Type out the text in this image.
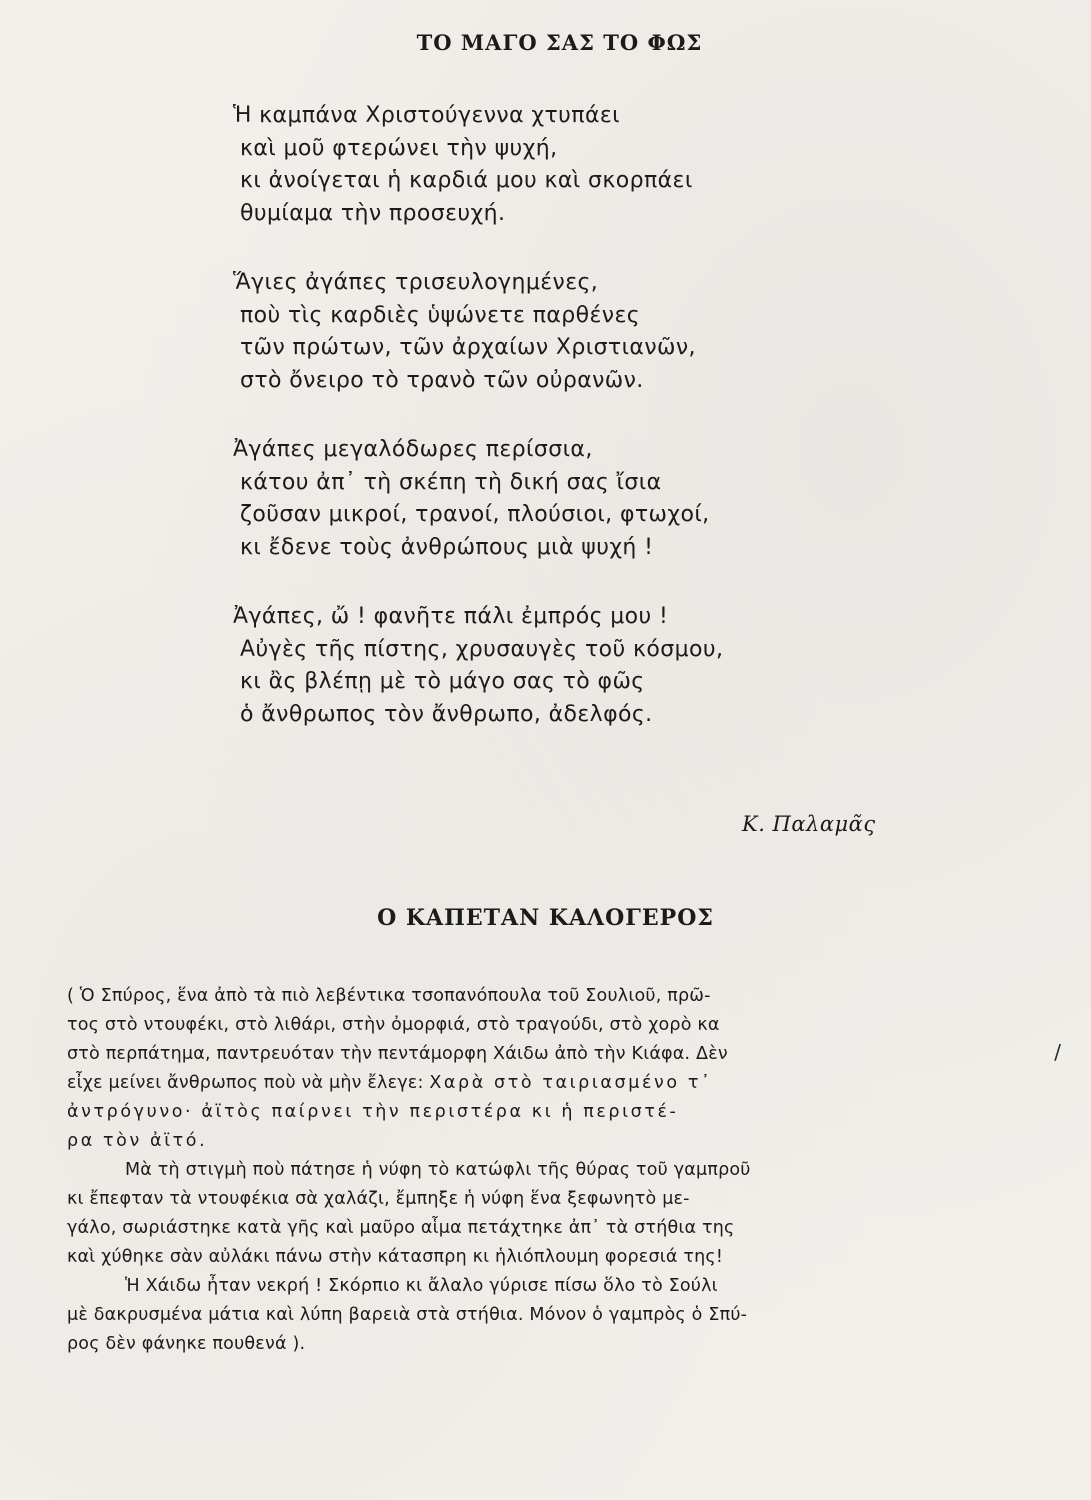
ΤΟ ΜΑΓΟ ΣΑΣ ΤΟ ΦΩΣ
Ἡ καμπάνα Χριστούγεννα χτυπάει
καὶ μοῦ φτερώνει τὴν ψυχή,
κι ἀνοίγεται ἡ καρδιά μου καὶ σκορπάει
θυμίαμα τὴν προσευχή.
Ἅγιες ἀγάπες τρισευλογημένες,
ποὺ τὶς καρδιὲς ὑψώνετε παρθένες
τῶν πρώτων, τῶν ἀρχαίων Χριστιανῶν,
στὸ ὄνειρο τὸ τρανὸ τῶν οὐρανῶν.
Ἀγάπες μεγαλόδωρες περίσσια,
κάτου ἀπ᾽ τὴ σκέπη τὴ δική σας ἴσια
ζοῦσαν μικροί, τρανοί, πλούσιοι, φτωχοί,
κι ἔδενε τοὺς ἀνθρώπους μιὰ ψυχή !
Ἀγάπες, ὤ ! φανῆτε πάλι ἐμπρός μου !
Αὐγὲς τῆς πίστης, χρυσαυγὲς τοῦ κόσμου,
κι ἂς βλέπῃ μὲ τὸ μάγο σας τὸ φῶς
ὁ ἄνθρωπος τὸν ἄνθρωπο, ἀδελφός.
Κ. Παλαμᾶς
Ο ΚΑΠΕΤΑΝ ΚΑΛΟΓΕΡΟΣ
( Ὁ Σπύρος, ἕνα ἀπὸ τὰ πιὸ λεβέντικα τσοπανόπουλα τοῦ Σουλιοῦ, πρῶ-
τος στὸ ντουφέκι, στὸ λιθάρι, στὴν ὀμορφιά, στὸ τραγούδι, στὸ χορὸ κα
στὸ περπάτημα, παντρευόταν τὴν πεντάμορφη Χάιδω ἀπὸ τὴν Κιάφα. Δὲν
εἶχε μείνει ἄνθρωπος ποὺ νὰ μὴν ἔλεγε: Χαρὰ στὸ ταιριασμένο τ᾽
ἀντρόγυνο· ἀϊτὸς παίρνει τὴν περιστέρα κι ἡ περιστέ-
ρα τὸν ἀϊτό.
Μὰ τὴ στιγμὴ ποὺ πάτησε ἡ νύφη τὸ κατώφλι τῆς θύρας τοῦ γαμπροῦ
κι ἔπεφταν τὰ ντουφέκια σὰ χαλάζι, ἔμπηξε ἡ νύφη ἕνα ξεφωνητὸ με-
γάλο, σωριάστηκε κατὰ γῆς καὶ μαῦρο αἷμα πετάχτηκε ἀπ᾽ τὰ στήθια της
καὶ χύθηκε σὰν αὐλάκι πάνω στὴν κάτασπρη κι ἡλιόπλουμη φορεσιά της!
Ἡ Χάιδω ἦταν νεκρή ! Σκόρπιο κι ἄλαλο γύρισε πίσω ὅλο τὸ Σούλι
μὲ δακρυσμένα μάτια καὶ λύπη βαρειὰ στὰ στήθια. Μόνον ὁ γαμπρὸς ὁ Σπύ-
ρος δὲν φάνηκε πουθενά ).
/
